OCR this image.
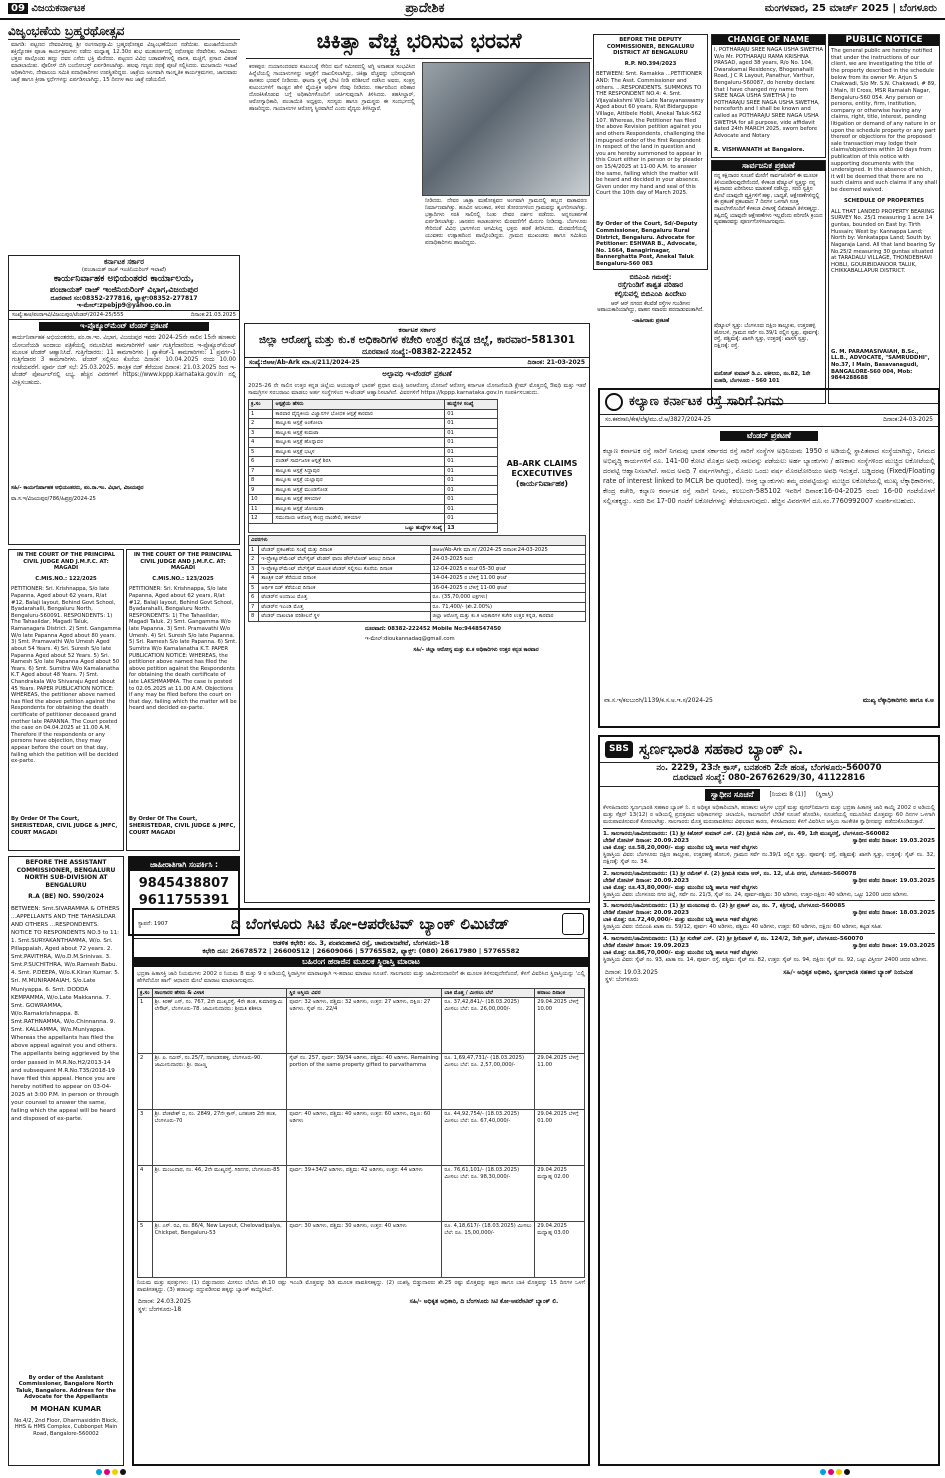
09 ವಿಜಯಕರ್ನಾಟಕ	ಪ್ರಾದೇಶಿಕ	ಮಂಗಳವಾರ, 25 ಮಾರ್ಚ್ 2025 | ಬೆಂಗಳೂರು
ವಿಜೃಂಭಣೆಯ ಬ್ರಹ್ಮರಥೋತ್ಸವ
ಮಾಗಡಿ: ಪಟ್ಟಣದ ದೇವರವೀರಪ್ಪ ಶ್ರೀ ರಂಗನಾಥಸ್ವಾಮಿ ಬ್ರಹ್ಮರಥೋತ್ಸವ ವಿಜೃಂಭಣೆಯಿಂದ ನಡೆಯಿತು. ಮಂಜಾನೆಯಿಂದಲೇ ಶಕ್ತಿದ್ಯೋತಕ ಪೂಜಾ ಕಾರ್ಯಕ್ರಮಗಳು ನಡೆದು ಮಧ್ಯಾಹ್ನ 12.30ರ ಶುಭ ಮುಹೂರ್ತದಲ್ಲಿ ರಥೋತ್ಸವ ನೆರವೇರಿತು. ಸಾವಿರಾರು ಭಕ್ತರು ಪಾಲ್ಗೊಂಡು ಹಣ್ಣು ದವನ ಎಸೆದು ಭಕ್ತಿ ಮೆರೆದರು. ಪಟ್ಟಣದ ವಿವಿಧ ಬಡಾವಣೆಗಳಲ್ಲಿ ಪಾನಕ, ಮಜ್ಜಿಗೆ, ಪ್ರಸಾದ ವಿತರಣೆ ಮಾಡಲಾಯಿತು. ಪೊಲೀಸ್ ಬಿಗಿ ಬಂದೋಬಸ್ತ್ ಏರ್ಪಡಿಸಲಾಗಿತ್ತು. ಹಲವು ಗಣ್ಯರು ರಥಕ್ಕೆ ಪೂಜೆ ಸಲ್ಲಿಸಿದರು. ಮುಜರಾಯಿ ಇಲಾಖೆ ಅಧಿಕಾರಿಗಳು, ದೇವಾಲಯ ಸಮಿತಿ ಪದಾಧಿಕಾರಿಗಳು ಉಪಸ್ಥಿತರಿದ್ದರು. ಜಾತ್ರೆಯ ಅಂಗವಾಗಿ ಸಾಂಸ್ಕೃತಿಕ ಕಾರ್ಯಕ್ರಮಗಳು, ಜಾನುವಾರು ಜಾತ್ರೆ ಹಾಗೂ ಕ್ರೀಡಾ ಸ್ಪರ್ಧೆಗಳನ್ನು ಏರ್ಪಡಿಸಲಾಗಿದ್ದು, 15 ದಿನಗಳ ಕಾಲ ಜಾತ್ರೆ ನಡೆಯಲಿದೆ.
ಚಿಕಿತ್ಸಾ ವೆಚ್ಚ ಭರಿಸುವ ಭರವಸೆ
ಕನಕಪುರ: ದಯಾನಂದರವರ ಕುಟುಂಬಕ್ಕೆ ಸೇರಿದ ಮನೆ ಸಮೀಪದಲ್ಲಿ ಅಗ್ನಿ ಅನಾಹುತ ಸಂಭವಿಸಿದ ಹಿನ್ನೆಲೆಯಲ್ಲಿ ಗಾಯಾಳುಗಳನ್ನು ಆಸ್ಪತ್ರೆಗೆ ದಾಖಲಿಸಲಾಗಿದ್ದು, ಚಿಕಿತ್ಸಾ ವೆಚ್ಚವನ್ನು ಭರಿಸುವುದಾಗಿ ಶಾಸಕರು ಭರವಸೆ ನೀಡಿದರು. ಘಟನಾ ಸ್ಥಳಕ್ಕೆ ಭೇಟಿ ನೀಡಿ ಪರಿಶೀಲನೆ ನಡೆಸಿದ ಅವರು, ಸಂತ್ರಸ್ತ ಕುಟುಂಬಗಳಿಗೆ ಸಾಂತ್ವನ ಹೇಳಿ ವೈಯಕ್ತಿಕ ಆರ್ಥಿಕ ನೆರವು ನೀಡಿದರು. ಸರ್ಕಾರದಿಂದ ಪರಿಹಾರ ದೊರಕಿಸಿಕೊಡುವ ಬಗ್ಗೆ ಅಧಿಕಾರಿಗಳೊಂದಿಗೆ ಚರ್ಚಿಸುವುದಾಗಿ ತಿಳಿಸಿದರು. ತಹಸೀಲ್ದಾರ್, ಆರೋಗ್ಯಾಧಿಕಾರಿ, ಪಂಚಾಯಿತಿ ಅಧ್ಯಕ್ಷರು, ಸದಸ್ಯರು ಹಾಗೂ ಗ್ರಾಮಸ್ಥರು ಈ ಸಂದರ್ಭದಲ್ಲಿ ಹಾಜರಿದ್ದರು. ಗಾಯಾಳುಗಳ ಆರೋಗ್ಯ ಸ್ಥಿರವಾಗಿದೆ ಎಂದು ವೈದ್ಯರು ತಿಳಿಸಿದ್ದಾರೆ.
ನೀಡಿದರು. ದೇವರ ಜಾತ್ರಾ ಮಹೋತ್ಸವದ ಅಂಗವಾಗಿ ಗ್ರಾಮದಲ್ಲಿ ಹಬ್ಬದ ವಾತಾವರಣ ನಿರ್ಮಾಣವಾಗಿತ್ತು. ಹೂವಿನ ಅಲಂಕಾರ, ತಳಿರು ತೋರಣಗಳಿಂದ ಗ್ರಾಮವನ್ನು ಶೃಂಗರಿಸಲಾಗಿತ್ತು. ಭಕ್ತಾದಿಗಳು ಸರತಿ ಸಾಲಿನಲ್ಲಿ ನಿಂತು ದೇವರ ದರ್ಶನ ಪಡೆದರು. ಅನ್ನಸಂತರ್ಪಣೆ ಏರ್ಪಡಿಸಲಾಗಿತ್ತು. ಜಾನಪದ ಕಲಾತಂಡಗಳು ಮೆರವಣಿಗೆಗೆ ಮೆರುಗು ನೀಡಿದವು. ಬೆಂಗಳೂರು ಸೇರಿದಂತೆ ವಿವಿಧ ಭಾಗಗಳಿಂದ ಆಗಮಿಸಿದ್ದ ಭಕ್ತರು ಹರಕೆ ತೀರಿಸಿದರು. ಮೆರವಣಿಗೆಯಲ್ಲಿ ಯುವಕರು ಉತ್ಸಾಹದಿಂದ ಪಾಲ್ಗೊಂಡಿದ್ದರು. ಗ್ರಾಮದ ಮುಖಂಡರು ಹಾಗೂ ಸಮಿತಿಯ ಪದಾಧಿಕಾರಿಗಳು ಹಾಜರಿದ್ದರು.
ಕರ್ನಾಟಕ ಸರ್ಕಾರ
(ಪಂಚಾಯತ್ ರಾಜ್ ಇಂಜಿನಿಯರಿಂಗ್ ಇಲಾಖೆ)
ಕಾರ್ಯನಿರ್ವಾಹಕ ಅಭಿಯಂತರರ ಕಾರ್ಯಾಲಯ,
ಪಂಚಾಯತ್ ರಾಜ್ ಇಂಜಿನಿಯರಿಂಗ್ ವಿಭಾಗ,ವಿಜಯಪುರ
ದೂರವಾಣಿ ಸಂ:08352-277816, ಫ್ಯಾಕ್ಸ್:08352-277817
ಇ-ಮೇಲ್:zpebjp9@yahoo.co.in
ಸಂಖ್ಯೆ:ಕಾಅ/ಪಂರಾಇವಿ/ವಿಜಯಪುರ/ಟೆಂಡರ್/2024-25/555	ದಿನಾಂಕ:21.03.2025
ಇ-ಪ್ರೊಕ್ಯೂರ್‌ಮೆಂಟ್ ಟೆಂಡರ್ ಪ್ರಕಟಣೆ
ಕಾರ್ಯನಿರ್ವಾಹಕ ಅಭಿಯಂತರರು, ಪಂ.ರಾ.ಇಂ. ವಿಭಾಗ, ವಿಜಯಪುರ ಇವರು 2024-25ನೇ ಸಾಲಿನ 15ನೇ ಹಣಕಾಸು ಯೋಜನೆಯಡಿ ಅಂದಾಜು ಪತ್ರಿಕೆಯಲ್ಲಿ ನಮೂದಿಸಿದ ಕಾಮಗಾರಿಗಳಿಗೆ ಅರ್ಹ ಗುತ್ತಿಗೆದಾರರಿಂದ ಇ-ಪ್ರೊಕ್ಯೂರ್‌ಮೆಂಟ್ ಮೂಲಕ ಟೆಂಡರ್ ಆಹ್ವಾನಿಸಿದೆ. ಗುತ್ತಿಗೆದಾರರು: 11 ಕಾಮಗಾರಿಗಳು | ಪ್ಯಾಕೇಜ್-1 ಕಾಮಗಾರಿಗಳು: 1 ಪ್ರವರ್ಗ-1 ಗುತ್ತಿಗೆದಾರರ 3 ಕಾಮಗಾರಿಗಳು. ಟೆಂಡರ್ ಸಲ್ಲಿಸಲು ಕೊನೆಯ ದಿನಾಂಕ: 10.04.2025 ರಂದು 10.00 ಗಂಟೆಯವರೆಗೆ. ಪೂರ್ವ ಬಿಡ್ ಸಭೆ: 25.03.2025. ತಾಂತ್ರಿಕ ಬಿಡ್ ತೆರೆಯುವ ದಿನಾಂಕ: 21.03.2025 ರಿಂದ ಇ-ಟೆಂಡರ್ ಪೋರ್ಟಲ್‌ನಲ್ಲಿ ಲಭ್ಯ. ಹೆಚ್ಚಿನ ವಿವರಗಳಿಗೆ https://www.kppp.karnataka.gov.in ನಲ್ಲಿ ವೀಕ್ಷಿಸಬಹುದು.
ಸಹಿ/- ಕಾರ್ಯನಿರ್ವಾಹಕ ಅಭಿಯಂತರರು, ಪಂ.ರಾ.ಇಂ. ವಿಭಾಗ, ವಿಜಯಪುರ
ವಾ.ಸ.ಇ/ವಿಜಯಪುರ/786/ಹಿಪ್ರಪ್ರ/2024-25
IN THE COURT OF THE PRINCIPAL CIVIL JUDGE AND J.M.F.C. AT: MAGADI
C.MIS.NO.: 122/2025
PETITIONER: Sri. Krishnappa, S/o late Papanna, Aged about 62 years, R/at #12, Balaji layout, Behind Govt School, Byadarahalli, Bengaluru North, Bengaluru-560091. RESPONDENTS: 1) The Tahasildar, Magadi Taluk, Ramanagara District. 2) Smt. Gangamma W/o late Papanna Aged about 80 years. 3) Smt. Pramavathi W/o Umesh Aged about 54 Years. 4) Sri. Suresh S/o late Papanna Aged about 52 Years. 5) Sri. Ramesh S/o late Papanna Aged about 50 Years. 6) Smt. Sumitra W/o Kamalanatha K.T Aged about 48 Years. 7) Smt. Chandrakala W/o Shivaraju Aged about 45 Years. PAPER PUBLICATION NOTICE: WHEREAS, the petitioner above named has filed the above petition against the Respondents for obtaining the death certificate of petitioner deceased grand mother late PAPANNA. The Court posted the case on 04.04.2025 at 11.00 A.M. Therefore if the respondents or any persons have objection, they may appear before the court on that day, failing which the petition will be decided ex-parte.
By Order Of The Court, SHERISTEDAR, CIVIL JUDGE & JMFC, COURT MAGADI
IN THE COURT OF THE PRINCIPAL CIVIL JUDGE AND J.M.F.C. AT: MAGADI
C.MIS.NO.: 123/2025
PETITIONER: Sri. Krishnappa, S/o late Papanna, Aged about 62 years, R/at #12, Balaji layout, Behind Govt School, Byadarahalli, Bengaluru North. RESPONDENTS: 1) The Tahasildar, Magadi Taluk. 2) Smt. Gangamma W/o late Papanna. 3) Smt. Pramavathi W/o Umesh. 4) Sri. Suresh S/o late Papanna. 5) Sri. Ramesh S/o late Papanna. 6) Smt. Sumitra W/o Kamalanatha K.T. PAPER PUBLICATION NOTICE: WHEREAS, the petitioner above named has filed the above petition against the Respondents for obtaining the death certificate of late LAKSHMAMMA. The case is posted to 02.05.2025 at 11.00 A.M. Objections if any may be filed before the court on that day, failing which the matter will be heard and decided ex-parte.
By Order Of The Court, SHERISTEDAR, CIVIL JUDGE & JMFC, COURT MAGADI
BEFORE THE ASSISTANT COMMISSIONER, BENGALURU NORTH SUB-DIVISION AT BENGALURU
R.A (BE) NO. 590/2024
BETWEEN: Smt.SIVARAMMA & OTHERS ...APPELLANTS AND THE TAHASILDAR AND OTHERS ...RESPONDENTS. NOTICE TO RESPONDENTS NO.3 to 11: 1. Smt.SURYAKANTHAMMA, W/o. Sri. Pillappaiah, Aged about 72 years. 2. Smt.PAVITHRA, W/o.D.M.Srinivas. 3. Smt.P.SUCHITHRA, W/o.Ramesh Babu. 4. Smt. P.DEEPA, W/o.K.Kiran Kumar. 5. Sri. M.MUNIRAMAIAH, S/o.Late Muniyappa. 6. Smt. DODDA KEMPAMMA, W/o.Late Makkanna. 7. Smt. GOWRAMMA, W/o.Ramakrishnappa. 8. Smt.RATHNAMMA, W/o.Chinnanna. 9. Smt. KALLAMMA, W/o.Muniyappa. Whereas the appellants has filed the above appeal against you and others. The appellants being aggrieved by the order passed in M.R.No.H2/2013-14 and subsequent M.R.No.T35/2018-19 have filed this appeal. Hence you are hereby notified to appear on 03-04-2025 at 3:00 P.M. in person or through your counsel to answer the same, failing which the appeal will be heard and disposed of ex-parte.
By order of the Assistant Commissioner, Bangalore North Taluk, Bangalore. Address for the Advocate for the Appellants
M MOHAN KUMAR
No.4/2, 2nd Floor, Dharmasiddin Block, HHS & HMS Complex, Cubbonpet Main Road, Bangalore-560002
ಜಾಹೀರಾತಿಗಾಗಿ ಸಂಪರ್ಕಿಸಿ :
9845438807
9611755391
BEFORE THE DEPUTY COMMISSIONER, BENGALURU DISTRICT AT BENGALURU
R.P. NO.394/2023
BETWEEN: Smt. Ramakka ...PETITIONER AND: The Asst. Commissioner and others. ...RESPONDENTS. SUMMONS TO THE RESPONDENT NO.4: 4. Smt. Vijayalakshmi W/o Late Narayanaswamy Aged about 60 years, R/at Bidarguppe Village, Attibele Hobli, Anekal Taluk-562 107. Whereas, the Petitioner has filed the above Revision petition against you and others Respondents, challenging the impugned order of the first Respondent in respect of the land in question and you are hereby summoned to appear in this Court either in person or by pleader on 15/4/2025 at 11-00 A.M. to answer the same, failing which the matter will be heard and decided in your absence. Given under my hand and seal of this Court the 10th day of March 2025.
By Order of the Court, Sd/-Deputy Commissioner, Bengaluru Rural District, Bengaluru. Advocate for Petitioner: ESHWAR B., Advocate, No. 1664, Banagirinagar, Bannerghatta Post, Anekal Taluk Bengaluru-560 083
CHANGE OF NAME
I, POTHARAJU SREE NAGA USHA SWETHA W/o Mr. POTHARAJU RAMA KRISHNA PRASAD, aged 38 years, R/o No. 104, Dwarakamai Residency, Bhogenahalli Road, J C R Layout, Panathur, Varthur, Bengaluru-560087, do hereby declare that I have changed my name from SREE NAGA USHA SWETHA J to POTHARAJU SREE NAGA USHA SWETHA, henceforth and I shall be known and called as POTHARAJU SREE NAGA USHA SWETHA for all purpose, vide affidavit dated 24th MARCH 2025, sworn before Advocate and Notary
R. VISHWANATH at Bangalore.
PUBLIC NOTICE
The general public are hereby notified that under the instructions of our client, we are investigating the title of the property described in the schedule below from its owner Mr. Arjun S Chakwadi, S/o Mr. S.N. Chakwadi, # 89, I Main, III Cross, MSR Ramaiah Nagar, Bengaluru-560 054. Any person or persons, entity, firm, institution, company or otherwise having any claims, right, title, interest, pending litigation or demand of any nature in or upon the schedule property or any part thereof or objections for the proposed sale transaction may lodge their claims/objections within 10 days from publication of this notice with supporting documents with the undersigned. In the absence of which, it will be deemed that there are no such claims and such claims if any shall be deemed waived.
SCHEDULE OF PROPERTIES
ALL THAT LANDED PROPERTY BEARING SURVEY No. 25/1 measuring 1 acre 14 guntas, bounded on East by: Tirth Hussain; West by: Kannappa Land; North by: Venkatappa Land; South by: Nagaraja Land. All that land bearing Sy No.25/2 measuring 30 guntas situated at TARADALU VILLAGE, THONDEBHAVI HOBLI, GOURIBIDANOOR TALUK, CHIKKABALLAPUR DISTRICT.
G. M. PARAMASIVAIAH, B.Sc., LL.B., ADVOCATE, "SAMRUDDHI", No.37, I Main, Basavanagudi, BANGALORE-560 004, Mob: 9844288688
ಸಾರ್ವಜನಿಕ ಪ್ರಕಟಣೆ
ನನ್ನ ಕಕ್ಷಿದಾರರ ಸೂಚನೆ ಮೇರೆಗೆ ಸಾರ್ವಜನಿಕರಿಗೆ ಈ ಮೂಲಕ ತಿಳಿಯಪಡಿಸುವುದೇನೆಂದರೆ, ಕೆಳಕಂಡ ಷೆಡ್ಯೂಲ್ ಸ್ವತ್ತನ್ನು ನನ್ನ ಕಕ್ಷಿದಾರರು ಖರೀದಿಸಲು ಮಾತುಕತೆ ನಡೆಸಿದ್ದು, ಸದರಿ ಸ್ವತ್ತಿನ ಮೇಲೆ ಯಾವುದೇ ವ್ಯಕ್ತಿಗಳಿಗೆ ಹಕ್ಕು, ಬಾಧ್ಯತೆ, ಆಕ್ಷೇಪಣೆಗಳಿದ್ದಲ್ಲಿ ಈ ಪ್ರಕಟಣೆ ಪ್ರಕಟವಾದ 7 ದಿನಗಳ ಒಳಗಾಗಿ ಸೂಕ್ತ ದಾಖಲೆಗಳೊಂದಿಗೆ ಕೆಳಕಂಡ ವಿಳಾಸಕ್ಕೆ ಲಿಖಿತವಾಗಿ ತಿಳಿಸತಕ್ಕದ್ದು. ತಪ್ಪಿದಲ್ಲಿ ಯಾವುದೇ ಆಕ್ಷೇಪಣೆಗಳು ಇಲ್ಲವೆಂದು ಪರಿಗಣಿಸಿ ಕ್ರಯದ ವ್ಯವಹಾರವನ್ನು ಪೂರ್ಣಗೊಳಿಸಲಾಗುವುದು.
ಷೆಡ್ಯೂಲ್ ಸ್ವತ್ತು: ಬೆಂಗಳೂರು ದಕ್ಷಿಣ ತಾಲ್ಲೂಕು, ಉತ್ತರಹಳ್ಳಿ ಹೋಬಳಿ, ಗ್ರಾಮದ ಸರ್ವೆ ನಂ.39/1 ರಲ್ಲಿನ ಸ್ವತ್ತು, ಪೂರ್ವಕ್ಕೆ: ರಸ್ತೆ, ಪಶ್ಚಿಮಕ್ಕೆ: ಖಾಸಗಿ ಸ್ವತ್ತು, ಉತ್ತರಕ್ಕೆ: ಖಾಸಗಿ ಸ್ವತ್ತು, ದಕ್ಷಿಣಕ್ಕೆ: ರಸ್ತೆ.
ಮನೋಜ್ ಕುಮಾರ್ ಡಿ.ಎ. ವಕೀಲರು, ನಂ.82, 1ನೇ ಮಹಡಿ, ಬೆಂಗಳೂರು - 560 101
ಬಿಬಿಎಂಪಿ ಗಮನಕ್ಕೆ:
ರಸ್ತೆಗುಂಡಿಗೆ ಶಾಶ್ವತ ಪರಿಹಾರ
ಕಲ್ಪಿಸುವಲ್ಲಿ ಬಿಬಿಎಂಪಿ ಹಿಂದೇಟು
ಆರ್ ಆರ್ ನಗರದ ಕೆಲವೆಡೆ ರಸ್ತೆಗಳ ಗುಂಡಿಗಳು ಅಪಾಯಕಾರಿಯಾಗಿದ್ದು, ವಾಹನ ಸವಾರರು ಪರದಾಡುವಂತಾಗಿದೆ.
-ಜಾಹೀರಾತು ಪ್ರಕಟಣೆ
ಕರ್ನಾಟಕ ಸರ್ಕಾರ
ಜಿಲ್ಲಾ ಆರೋಗ್ಯ ಮತ್ತು ಕು.ಕ ಅಧಿಕಾರಿಗಳ ಕಚೇರಿ ಉತ್ತರ ಕನ್ನಡ ಜಿಲ್ಲೆ, ಕಾರವಾರ-581301
ದೂರವಾಣಿ ಸಂಖ್ಯೆ:-08382-222452
ಸಂಖ್ಯೆ:ಜಿಆಆ/Ab-Ark ಮಾ.ಸ/211/2024-25	ದಿನಾಂಕ: 21-03-2025
ಅಲ್ಪಾವಧಿ ಇ-ಟೆಂಡರ್ ಪ್ರಕಟಣೆ
2025-26 ನೇ ಸಾಲಿನ ಉತ್ತರ ಕನ್ನಡ ಜಿಲ್ಲೆಯ ಆಯುಷ್ಮಾನ್ ಭಾರತ್ ಪ್ರಧಾನ ಮಂತ್ರಿ ಜನಆರೋಗ್ಯ ಯೋಜನೆ ಆರೋಗ್ಯ ಕರ್ನಾಟಕ ಯೋಜನೆಯಡಿ ಕ್ಲೇಮ್ ಮೊತ್ತದಲ್ಲಿ ಔಷಧಿ ಮತ್ತು ಇತರೆ ಸಾಮಗ್ರಿಗಳ ಸರಬರಾಜು ಮಾಡಲು ಅರ್ಹ ಸಂಸ್ಥೆಗಳಿಂದ ಇ-ಟೆಂಡರ್ ಆಹ್ವಾನಿಸಲಾಗಿದೆ. ವಿವರಗಳಿಗೆ https://kppp.karnataka.gov.in ಸಂಪರ್ಕಿಸಬಹುದು.
ಕ್ರ.ಸಂ	ಆಸ್ಪತ್ರೆಯ ಹೆಸರು	ಹುದ್ದೆಗಳ ಸಂಖ್ಯೆ
1	ಕಾರವಾರ ವೈದ್ಯಕೀಯ ವಿಜ್ಞಾನಗಳ ಭೋಧಕ ಆಸ್ಪತ್ರೆ ಕಾರವಾರ	01
2	ತಾಲ್ಲೂಕು ಆಸ್ಪತ್ರೆ ಅಂಕೋಲಾ	01
3	ತಾಲ್ಲೂಕು ಆಸ್ಪತ್ರೆ ಕುಮಟಾ	01
4	ತಾಲ್ಲೂಕು ಆಸ್ಪತ್ರೆ ಹೊನ್ನಾವರ	01
5	ತಾಲ್ಲೂಕು ಆಸ್ಪತ್ರೆ ಭಟ್ಕಳ	01
6	ಪಂಡಿತ್ ಸಾರ್ವಜನಿಕ ಆಸ್ಪತ್ರೆ ಶಿರಸಿ	01
7	ತಾಲ್ಲೂಕು ಆಸ್ಪತ್ರೆ ಸಿದ್ದಾಪುರ	01
8	ತಾಲ್ಲೂಕು ಆಸ್ಪತ್ರೆ ಯಲ್ಲಾಪುರ	01
9	ತಾಲ್ಲೂಕು ಆಸ್ಪತ್ರೆ ಮುಂಡಗೋಡ	01
10	ತಾಲ್ಲೂಕು ಆಸ್ಪತ್ರೆ ಹಳಿಯಾಳ	01
11	ತಾಲ್ಲೂಕು ಆಸ್ಪತ್ರೆ ಜೋಯಿಡಾ	01
12	ಸಮುದಾಯ ಆರೋಗ್ಯ ಕೇಂದ್ರ ದಾಂಡೇಲಿ, ಹಳಿಯಾಳ	01
ಒಟ್ಟು ಹುದ್ದೆಗಳ ಸಂಖ್ಯೆ		13
AB-ARK CLAIMS ECXECUTIVES (ಕಾರ್ಯನಿರ್ವಾಹಕ)
ವಿವರಗಳು		
1	ಟೆಂಡರ್ ಪ್ರಕಟಣೆಯ ಸಂಖ್ಯೆ ಮತ್ತು ದಿನಾಂಕ	ಜಿಆಆ/Ab-Ark ಮಾ.ಸ/ /2024-25 ದಿನಾಂಕ:24-03-2025
2	ಇ-ಪ್ರೊಕ್ಯೂರ್‌ಮೆಂಟ್ ವೆಬ್‌ಸೈಟ್ ಟೆಂಡರ್ ಫಾರಂ ಡೌನ್‌ಲೋಡ್ ಆರಂಭ ದಿನಾಂಕ	24-03-2025 ರಿಂದ
3	ಇ-ಪ್ರೊಕ್ಯೂರ್‌ಮೆಂಟ್ ವೆಬ್‌ಸೈಟ್ ಮೂಲಕ ಟೆಂಡರ್ ಸಲ್ಲಿಸಲು ಕೊನೆಯ ದಿನಾಂಕ	12-04-2025 ರ ಸಂಜೆ 05-30 ಘಂಟೆ
4	ತಾಂತ್ರಿಕ ಬಿಡ್ ತೆರೆಯುವ ದಿನಾಂಕ	14-04-2025 ರ ಬೆಳಿಗ್ಗೆ 11.00 ಘಂಟೆ
5	ಆರ್ಥಿಕ ಬಿಡ್ ತೆರೆಯುವ ದಿನಾಂಕ	16-04-2025 ರ ಬೆಳಿಗ್ಗೆ 11-00 ಘಂಟೆ
6	ಟೆಂಡರ್‌ನ ಅಂದಾಜು ಮೊತ್ತ	ರೂ. (35,70,000 ಲಕ್ಷಗಳು)
7	ಟೆಂಡರ್‌ನ ಇಎಂಡಿ ಮೊತ್ತ	ರೂ. 71,400/- (ಶೇ.2.00%)
8	ಟೆಂಡರ್ ದಾಖಲಾತಿ ಪರಿಶೀಲನೆ ಸ್ಥಳ	ಜಿಲ್ಲಾ ಆರೋಗ್ಯ ಮತ್ತು ಕು.ಕ ಅಧಿಕಾರಿಗಳ ಕಚೇರಿ ಉತ್ತರ ಕನ್ನಡ, ಕಾರವಾರ
ದೂರವಾಣಿ: 08382-222452 Mobile No:9448547450
ಇ-ಮೇಲ್:dioukannadaq@gmail.com
ಸಹಿ/- ಜಿಲ್ಲಾ ಆರೋಗ್ಯ ಮತ್ತು ಕು.ಕ ಅಧಿಕಾರಿಗಳು ಉತ್ತರ ಕನ್ನಡ ಕಾರವಾರ
ಕಲ್ಯಾಣ ಕರ್ನಾಟಕ ರಸ್ತೆ ಸಾರಿಗೆ ನಿಗಮ
ಸಂ.ಕಕರಸಾನಿ/ಕೇಕ/ಲೆಕ್ಕ/ಮು.ಲೆ.ಅ/3827/2024-25	ದಿನಾಂಕ:24-03-2025
ಟೆಂಡರ್ ಪ್ರಕಟಣೆ
ಕಲ್ಯಾಣ ಕರ್ನಾಟಕ ರಸ್ತೆ ಸಾರಿಗೆ ನಿಗಮವು ಭಾರತ ಸರ್ಕಾರದ ರಸ್ತೆ ಸಾರಿಗೆ ಸಂಸ್ಥೆಗಳ ಅಧಿನಿಯಮ 1950 ರ ಅಡಿಯಲ್ಲಿ ಸ್ಥಾಪಿತವಾದ ಸಂಸ್ಥೆಯಾಗಿದ್ದು, ನಿಗಮದ ಅಭಿವೃದ್ಧಿ ಕಾರ್ಯಗಳಿಗೆ ರೂ. 141-00 ಕೋಟಿ ಮೊತ್ತದ ಅವಧಿ ಸಾಲವನ್ನು ಪಡೆಯಲು ಅರ್ಹ ಬ್ಯಾಂಕುಗಳು / ಹಣಕಾಸು ಸಂಸ್ಥೆಗಳಿಂದ ಮುಚ್ಚಿದ ಲಕೋಟೆಯಲ್ಲಿ ದರಪಟ್ಟಿ ಆಹ್ವಾನಿಸಲಾಗಿದೆ. ಸಾಲದ ಅವಧಿ 7 ವರ್ಷಗಳಾಗಿದ್ದು, ಮೊದಲ ಒಂದು ವರ್ಷ ಮೊರಟೋರಿಯಂ ಅವಧಿ ಇರುತ್ತದೆ. ಬಡ್ಡಿದರವು (Fixed/Floating rate of interest linked to MCLR be quoted). ಆಸಕ್ತ ಬ್ಯಾಂಕುಗಳು ತಮ್ಮ ದರಪಟ್ಟಿಯನ್ನು ಮುಚ್ಚಿದ ಲಕೋಟೆಯಲ್ಲಿ ಮುಖ್ಯ ಲೆಕ್ಕಾಧಿಕಾರಿಗಳು, ಕೇಂದ್ರ ಕಚೇರಿ, ಕಲ್ಯಾಣ ಕರ್ನಾಟಕ ರಸ್ತೆ ಸಾರಿಗೆ ನಿಗಮ, ಕಲಬುರಗಿ-585102 ಇವರಿಗೆ ದಿನಾಂಕ:16-04-2025 ರಂದು 16-00 ಗಂಟೆಯೊಳಗೆ ಸಲ್ಲಿಸತಕ್ಕದ್ದು. ಸದರಿ ದಿನ 17-00 ಗಂಟೆಗೆ ಲಕೋಟೆಗಳನ್ನು ತೆರೆಯಲಾಗುವುದು. ಹೆಚ್ಚಿನ ವಿವರಗಳಿಗೆ ದೂ.ಸಂ.7760992007 ಸಂಪರ್ಕಿಸಬಹುದು.
ವಾ.ಸ.ಇ/ಕಲಬುರಗಿ/1139/ಕ.ಸ.ಅ.ಇ.ಸ/2024-25	ಮುಖ್ಯ ಲೆಕ್ಕಾಧಿಕಾರಿಗಳು ಹಾಗೂ ಕ.ಅ
ಸ್ಥಾಪನೆ: 1907	ದಿ ಬೆಂಗಳೂರು ಸಿಟಿ ಕೋ-ಆಪರೇಟಿವ್ ಬ್ಯಾಂಕ್ ಲಿಮಿಟೆಡ್
ಆಡಳಿತ ಕಛೇರಿ: ನಂ. 3, ಪಂಪಮಹಾಕವಿ ರಸ್ತೆ, ಚಾಮರಾಜಪೇಟೆ, ಬೆಂಗಳೂರು-18
ಕಛೇರಿ ದೂ: 26678572 | 26600512 | 26609066 | 57765582, ಫ್ಯಾಕ್ಸ್: (080) 26617980 | 57765582
ಬಹಿರಂಗ ಹರಾಜಿನ ಮೂಲಕ ಸ್ಥಿರಾಸ್ತಿ ಮಾರಾಟ
ಭದ್ರತಾ ಹಿತಾಸಕ್ತಿ ಜಾರಿ ನಿಯಮಗಳು 2002 ರ ನಿಯಮ 8 ಮತ್ತು 9 ರ ಅಡಿಯಲ್ಲಿ ಸ್ಥಿರಾಸ್ತಿಗಳ ಮಾರಾಟಕ್ಕಾಗಿ ಇ-ಹರಾಜು ಮಾರಾಟ ಸೂಚನೆ. ಸಾಲಗಾರರು ಮತ್ತು ಜಾಮೀನುದಾರರಿಗೆ ಈ ಮೂಲಕ ತಿಳಿಸುವುದೇನೆಂದರೆ, ಕೆಳಗೆ ವಿವರಿಸಿದ ಸ್ಥಿರಾಸ್ತಿಯನ್ನು 'ಎಲ್ಲಿ ಹೇಗಿದೆಯೋ ಹಾಗೆ' ಆಧಾರದ ಮೇಲೆ ಮಾರಾಟ ಮಾಡಲಾಗುವುದು.
ಕ್ರ.ಸಂ	ಸಾಲಗಾರರ ಹೆಸರು & ವಿಳಾಸ	ಸ್ಥಿರ ಆಸ್ತಿಯ ವಿವರ	ಬಾಕಿ ಮೊತ್ತ / ಮೀಸಲು ಬೆಲೆ	ಹರಾಜು ದಿನಾಂಕ
1	ಶ್ರೀ. ಕಿರಣ್ ಎಸ್, ನಂ. 767, 2ನೇ ಮುಖ್ಯರಸ್ತೆ, 4ನೇ ಹಂತ, ಕುಮಾರಸ್ವಾಮಿ ಲೇಔಟ್, ಬೆಂಗಳೂರು-78. ಜಾಮೀನುದಾರರು: ಶ್ರೀಮತಿ ಶಶಿಕಲಾ	ಪೂರ್ವ: 32 ಅಡಿಗಳು, ಪಶ್ಚಿಮ: 32 ಅಡಿಗಳು, ಉತ್ತರ: 27 ಅಡಿಗಳು, ದಕ್ಷಿಣ: 27 ಅಡಿಗಳು. ಸೈಟ್ ನಂ. 22/4	ರೂ. 37,42,841/- (18.03.2025) ಮೀಸಲು ಬೆಲೆ: ರೂ. 26,00,000/-	29.04.2025 ಬೆಳಿಗ್ಗೆ 10.00
2	ಶ್ರೀ. ಪಿ. ನವೀನ್, ನಂ.25/7, ನಾಗಂಡನಹಳ್ಳಿ, ಬೆಂಗಳೂರು-90. ಜಾಮೀನುದಾರರು: ಶ್ರೀ. ರಾಜಣ್ಣ	ಸೈಟ್ ನಂ. 257, ಪೂರ್ವ: 39/34 ಅಡಿಗಳು, ಪಶ್ಚಿಮ: 40 ಅಡಿಗಳು. Remaining portion of the same property gifted to parvathamma	ರೂ. 1,69,47,731/- (18.03.2025) ಮೀಸಲು ಬೆಲೆ: ರೂ. 2,57,00,000/-	29.04.2025 ಬೆಳಿಗ್ಗೆ 11.00
3	ಶ್ರೀ. ವೆಂಕಟೇಶ್ ಬಿ, ನಂ. 2849, 27ನೇ ಕ್ರಾಸ್, ಬನಶಂಕರಿ 2ನೇ ಹಂತ, ಬೆಂಗಳೂರು-70	ಪೂರ್ವ: 40 ಅಡಿಗಳು, ಪಶ್ಚಿಮ: 40 ಅಡಿಗಳು, ಉತ್ತರ: 60 ಅಡಿಗಳು, ದಕ್ಷಿಣ: 60 ಅಡಿಗಳು	ರೂ. 44,92,754/- (18.03.2025) ಮೀಸಲು ಬೆಲೆ: ರೂ. 67,40,000/-	29.04.2025 ಬೆಳಿಗ್ಗೆ 01.00
4	ಶ್ರೀ. ಮಂಜುನಾಥ, ನಂ. 46, 2ನೇ ಮುಖ್ಯರಸ್ತೆ, ಗಿರಿನಗರ, ಬೆಂಗಳೂರು-85	ಪೂರ್ವ: 39+34/2 ಅಡಿಗಳು, ಪಶ್ಚಿಮ: 42 ಅಡಿಗಳು, ಉತ್ತರ: 44 ಅಡಿಗಳು	ರೂ. 76,61,101/- (18.03.2025) ಮೀಸಲು ಬೆಲೆ: ರೂ. 98,30,000/-	29.04.2025 ಮಧ್ಯಾಹ್ನ 02.00
5	ಶ್ರೀ. ಎಸ್. ರವಿ, ನಂ. 86/4, New Layout, Chelovadipalya, Chickpet, Bengaluru-53	ಪೂರ್ವ: 30 ಅಡಿಗಳು, ಪಶ್ಚಿಮ: 30 ಅಡಿಗಳು, ಉತ್ತರ: 40 ಅಡಿಗಳು	ರೂ. 4,18,617/- (18.03.2025) ಮೀಸಲು ಬೆಲೆ: ರೂ. 15,00,000/-	29.04.2025 ಮಧ್ಯಾಹ್ನ 03.00
ನಿಯಮ ಮತ್ತು ಷರತ್ತುಗಳು: (1) ಬಿಡ್ಡುದಾರರು ಮೀಸಲು ಬೆಲೆಯ ಶೇ.10 ರಷ್ಟು ಇಎಂಡಿ ಮೊತ್ತವನ್ನು ಡಿಡಿ ಮೂಲಕ ಪಾವತಿಸತಕ್ಕದ್ದು. (2) ಯಶಸ್ವಿ ಬಿಡ್ಡುದಾರರು ಶೇ.25 ರಷ್ಟು ಮೊತ್ತವನ್ನು ತಕ್ಷಣ ಹಾಗೂ ಬಾಕಿ ಮೊತ್ತವನ್ನು 15 ದಿನಗಳ ಒಳಗೆ ಪಾವತಿಸತಕ್ಕದ್ದು. (3) ಹರಾಜನ್ನು ರದ್ದುಪಡಿಸುವ ಹಕ್ಕನ್ನು ಬ್ಯಾಂಕ್ ಕಾಯ್ದಿರಿಸಿದೆ.
ದಿನಾಂಕ: 24.03.2025
ಸ್ಥಳ: ಬೆಂಗಳೂರು-18
ಸಹಿ/- ಅಧಿಕೃತ ಅಧಿಕಾರಿ, ದಿ ಬೆಂಗಳೂರು ಸಿಟಿ ಕೋ-ಆಪರೇಟಿವ್ ಬ್ಯಾಂಕ್ ಲಿ.
SBS ಸ್ವರ್ಣಭಾರತಿ ಸಹಕಾರ ಬ್ಯಾಂಕ್ ನಿ.
ನಂ. 2229, 23ನೇ ಕ್ರಾಸ್, ಬನಶಂಕರಿ 2ನೇ ಹಂತ, ಬೆಂಗಳೂರು-560070
ದೂರವಾಣಿ ಸಂಖ್ಯೆ: 080-26762629/30, 41122816
ಸ್ವಾಧೀನ ಸೂಚನೆ	[ನಿಯಮ 8 (1)] (ಸ್ಥಿರಾಸ್ತಿ)
ಕೆಳಸಹಿದಾರರು ಸ್ವರ್ಣಭಾರತಿ ಸಹಕಾರ ಬ್ಯಾಂಕ್ ನಿ. ನ ಅಧಿಕೃತ ಅಧಿಕಾರಿಯಾಗಿ, ಹಣಕಾಸು ಆಸ್ತಿಗಳ ಭದ್ರತೆ ಮತ್ತು ಪುನರ್‌ನಿರ್ಮಾಣ ಮತ್ತು ಭದ್ರತಾ ಹಿತಾಸಕ್ತಿ ಜಾರಿ ಕಾಯ್ದೆ 2002 ರ ಅಡಿಯಲ್ಲಿ ಮತ್ತು ಸೆಕ್ಷನ್ 13(12) ರ ಅಡಿಯಲ್ಲಿ ಪ್ರದತ್ತವಾದ ಅಧಿಕಾರಗಳನ್ನು ಚಲಾಯಿಸಿ, ಸಾಲಗಾರರಿಗೆ ಬೇಡಿಕೆ ಸೂಚನೆ ಹೊರಡಿಸಿ, ಸೂಚನೆಯಲ್ಲಿ ನಮೂದಿಸಿದ ಮೊತ್ತವನ್ನು 60 ದಿನಗಳ ಒಳಗಾಗಿ ಮರುಪಾವತಿಸುವಂತೆ ಕೋರಲಾಗಿತ್ತು. ಸಾಲಗಾರರು ಮೊತ್ತ ಮರುಪಾವತಿಸಲು ವಿಫಲರಾದ ಕಾರಣ, ಕೆಳಸಹಿದಾರರು ಕೆಳಗೆ ವಿವರಿಸಿದ ಆಸ್ತಿಯ ಸಾಂಕೇತಿಕ ಸ್ವಾಧೀನವನ್ನು ಪಡೆದುಕೊಂಡಿರುತ್ತಾರೆ.
1. ಸಾಲಗಾರರು/ಜಾಮೀನುದಾರರು: (1) ಶ್ರೀ ಕಿಶೋರ್ ಕುಮಾರ್ ಎಸ್. (2) ಶ್ರೀಮತಿ ಸವಿತಾ ಎಸ್, ನಂ. 49, 1ನೇ ಮುಖ್ಯರಸ್ತೆ, ಬೆಂಗಳೂರು-560082
ಬೇಡಿಕೆ ನೋಟಿಸ್ ದಿನಾಂಕ: 20.09.2023	ಸ್ವಾಧೀನ ಪಡೆದ ದಿನಾಂಕ: 19.03.2025
ಬಾಕಿ ಮೊತ್ತ: ರೂ.58,20,000/- ಮತ್ತು ಮುಂದಿನ ಬಡ್ಡಿ ಹಾಗೂ ಇತರೆ ವೆಚ್ಚಗಳು
ಸ್ಥಿರಾಸ್ತಿಯ ವಿವರ: ಬೆಂಗಳೂರು ದಕ್ಷಿಣ ತಾಲ್ಲೂಕು, ಉತ್ತರಹಳ್ಳಿ ಹೋಬಳಿ, ಗ್ರಾಮದ ಸರ್ವೆ ನಂ.39/1 ರಲ್ಲಿನ ಸ್ವತ್ತು. ಪೂರ್ವಕ್ಕೆ: ರಸ್ತೆ, ಪಶ್ಚಿಮಕ್ಕೆ: ಖಾಸಗಿ ಸ್ವತ್ತು, ಉತ್ತರಕ್ಕೆ: ಸೈಟ್ ನಂ. 32, ದಕ್ಷಿಣಕ್ಕೆ: ಸೈಟ್ ನಂ. 34.
2. ಸಾಲಗಾರರು/ಜಾಮೀನುದಾರರು: (1) ಶ್ರೀ ರಮೇಶ್ ಕೆ. (2) ಶ್ರೀಮತಿ ಸುಮಾ ಆರ್, ನಂ. 12, ಜೆ.ಪಿ ನಗರ, ಬೆಂಗಳೂರು-560078
ಬೇಡಿಕೆ ನೋಟಿಸ್ ದಿನಾಂಕ: 20.09.2023	ಸ್ವಾಧೀನ ಪಡೆದ ದಿನಾಂಕ: 19.03.2025
ಬಾಕಿ ಮೊತ್ತ: ರೂ.43,80,000/- ಮತ್ತು ಮುಂದಿನ ಬಡ್ಡಿ ಹಾಗೂ ಇತರೆ ವೆಚ್ಚಗಳು
ಸ್ಥಿರಾಸ್ತಿಯ ವಿವರ: ಬೆಂಗಳೂರು ನಗರ ಜಿಲ್ಲೆ, ಸರ್ವೆ ನಂ. 21/3, ಸೈಟ್ ನಂ. 24, ಪೂರ್ವ-ಪಶ್ಚಿಮ: 30 ಅಡಿಗಳು, ಉತ್ತರ-ದಕ್ಷಿಣ: 40 ಅಡಿಗಳು, ಒಟ್ಟು 1200 ಚದರ ಅಡಿಗಳು.
3. ಸಾಲಗಾರರು/ಜಾಮೀನುದಾರರು: (1) ಶ್ರೀ ಮಂಜುನಾಥ ಬಿ. (2) ಶ್ರೀ ಪ್ರಕಾಶ್ ಎಂ, ನಂ. 7, ಕತ್ರಿಗುಪ್ಪೆ, ಬೆಂಗಳೂರು-560085
ಬೇಡಿಕೆ ನೋಟಿಸ್ ದಿನಾಂಕ: 20.09.2023	ಸ್ವಾಧೀನ ಪಡೆದ ದಿನಾಂಕ: 18.03.2025
ಬಾಕಿ ಮೊತ್ತ: ರೂ.72,40,000/- ಮತ್ತು ಮುಂದಿನ ಬಡ್ಡಿ ಹಾಗೂ ಇತರೆ ವೆಚ್ಚಗಳು
ಸ್ಥಿರಾಸ್ತಿಯ ವಿವರ: ಬಿಬಿಎಂಪಿ ಖಾತಾ ನಂ. 59/12, ಪೂರ್ವ: 40 ಅಡಿಗಳು, ಪಶ್ಚಿಮ: 40 ಅಡಿಗಳು, ಉತ್ತರ: 60 ಅಡಿಗಳು, ದಕ್ಷಿಣ: 60 ಅಡಿಗಳು, ಕಟ್ಟಡ ಸಹಿತ.
4. ಸಾಲಗಾರರು/ಜಾಮೀನುದಾರರು: (1) ಶ್ರೀ ಸುರೇಶ್ ಎಸ್. (2) ಶ್ರೀ ಶ್ರೀನಿವಾಸ್ ಕೆ, ನಂ. 124/2, 3ನೇ ಕ್ರಾಸ್, ಬೆಂಗಳೂರು-560070
ಬೇಡಿಕೆ ನೋಟಿಸ್ ದಿನಾಂಕ: 19.09.2023	ಸ್ವಾಧೀನ ಪಡೆದ ದಿನಾಂಕ: 19.03.2025
ಬಾಕಿ ಮೊತ್ತ: ರೂ.86,70,000/- ಮತ್ತು ಮುಂದಿನ ಬಡ್ಡಿ ಹಾಗೂ ಇತರೆ ವೆಚ್ಚಗಳು
ಸ್ಥಿರಾಸ್ತಿಯ ವಿವರ: ಸೈಟ್ ನಂ. 93, ಖಾತಾ ನಂ. 14, ಪೂರ್ವ: ರಸ್ತೆ, ಪಶ್ಚಿಮ: ಸೈಟ್ ನಂ. 82, ಉತ್ತರ: ಸೈಟ್ ನಂ. 94, ದಕ್ಷಿಣ: ಸೈಟ್ ನಂ. 92, ಒಟ್ಟು ವಿಸ್ತೀರ್ಣ 2400 ಚದರ ಅಡಿಗಳು.
ದಿನಾಂಕ: 19.03.2025
ಸ್ಥಳ: ಬೆಂಗಳೂರು
ಸಹಿ/- ಅಧಿಕೃತ ಅಧಿಕಾರಿ, ಸ್ವರ್ಣಭಾರತಿ ಸಹಕಾರ ಬ್ಯಾಂಕ್ ನಿಯಮಿತ
